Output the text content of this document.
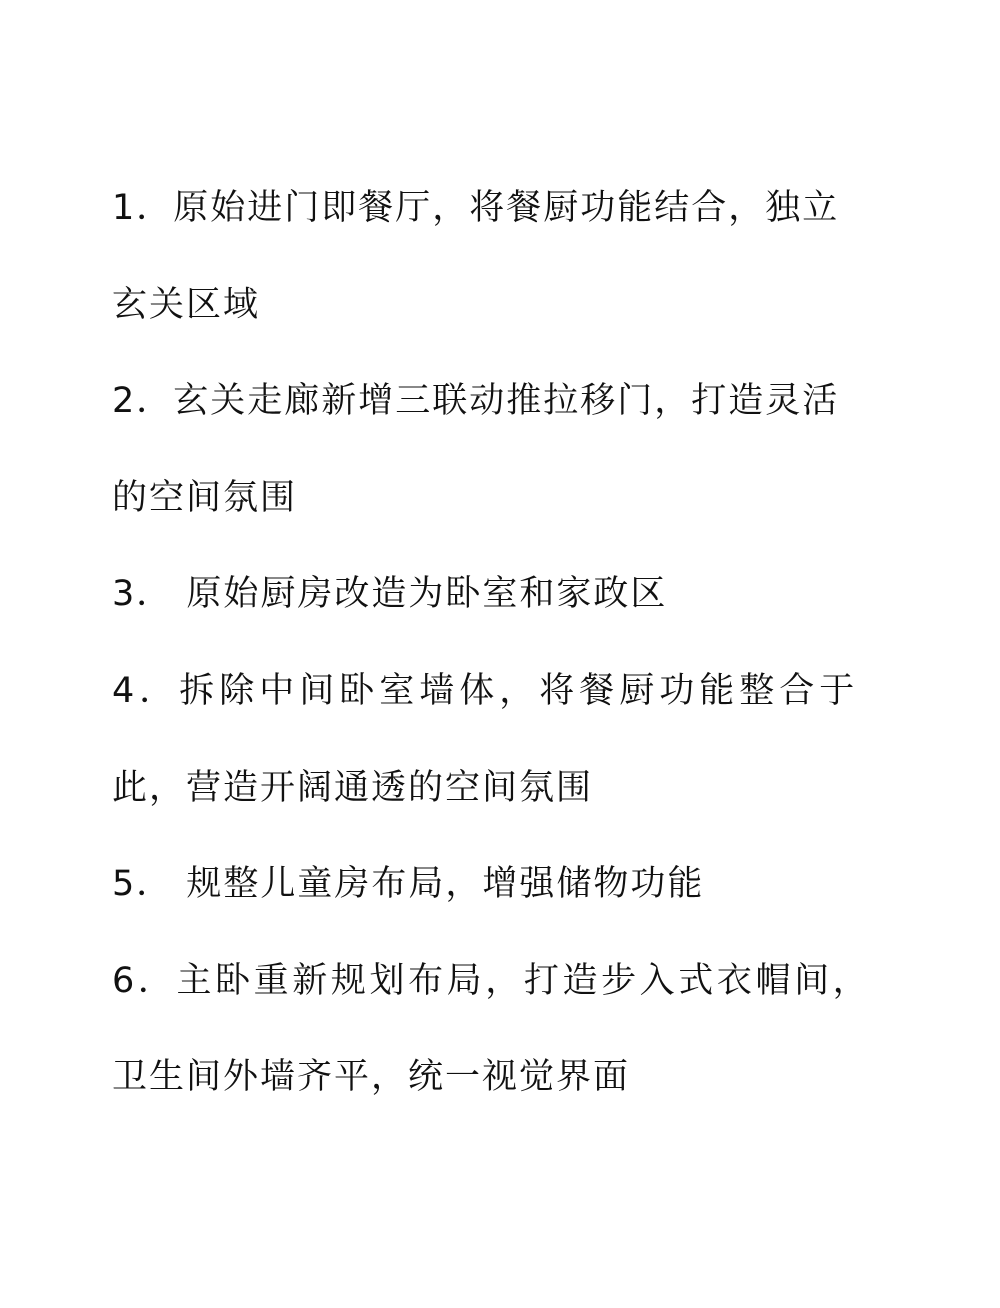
1．原始进门即餐厅，将餐厨功能结合，独立
玄关区域
2．玄关走廊新增三联动推拉移门，打造灵活
的空间氛围
3． 原始厨房改造为卧室和家政区
4．拆除中间卧室墙体，将餐厨功能整合于
此，营造开阔通透的空间氛围
5． 规整儿童房布局，增强储物功能
6．主卧重新规划布局，打造步入式衣帽间，
卫生间外墙齐平，统一视觉界面
